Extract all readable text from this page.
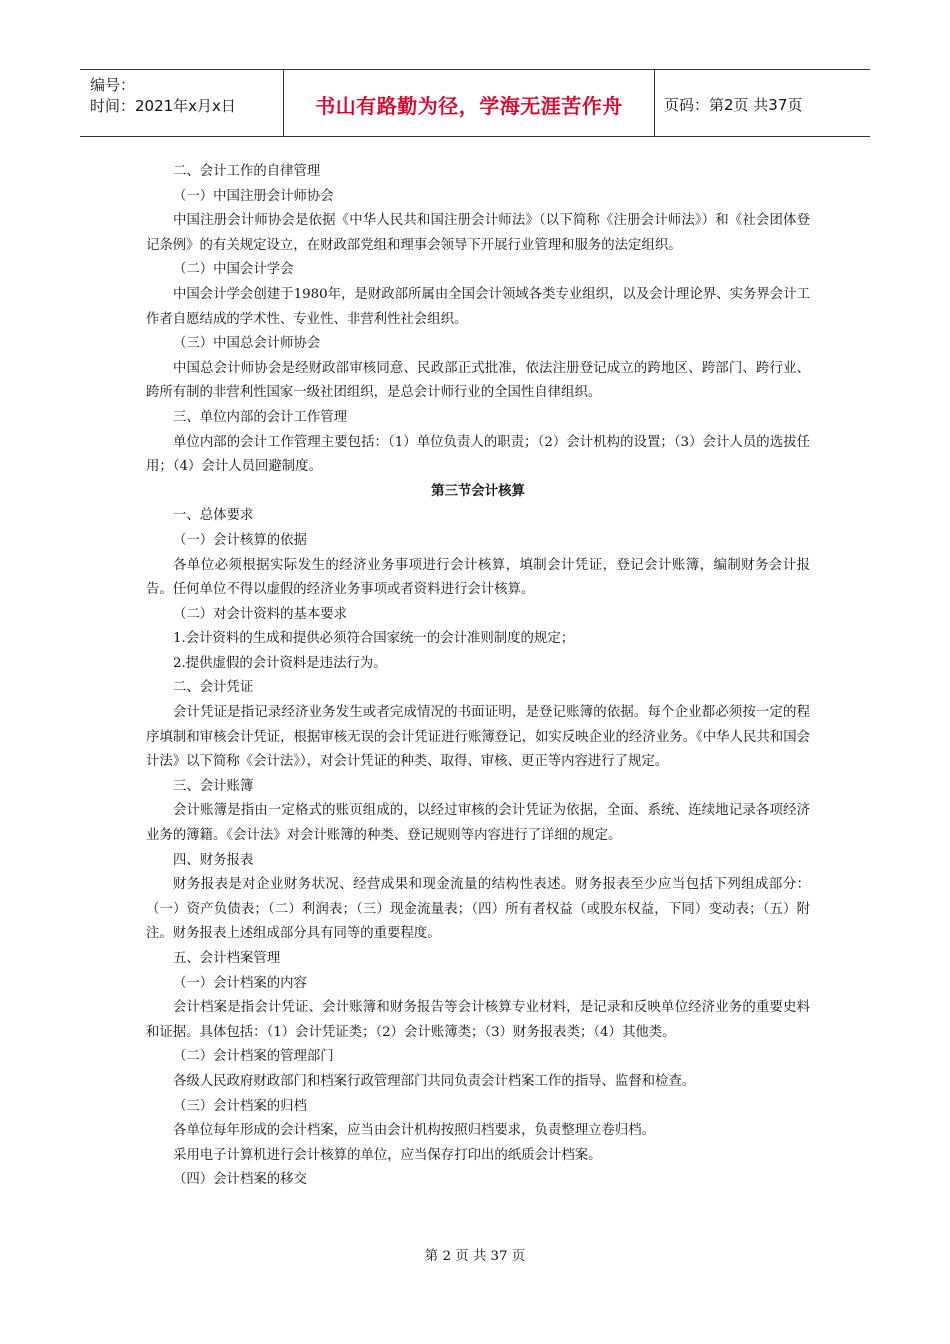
编号：
时间：2021年x月x日	书山有路勤为径，学海无涯苦作舟	页码：第2页 共37页

二、会计工作的自律管理

（一）中国注册会计师协会

中国注册会计师协会是依据《中华人民共和国注册会计师法》（以下简称《注册会计师法》）和《社会团体登记条例》的有关规定设立，在财政部党组和理事会领导下开展行业管理和服务的法定组织。

（二）中国会计学会

中国会计学会创建于1980年，是财政部所属由全国会计领域各类专业组织，以及会计理论界、实务界会计工作者自愿结成的学术性、专业性、非营利性社会组织。

（三）中国总会计师协会

中国总会计师协会是经财政部审核同意、民政部正式批准，依法注册登记成立的跨地区、跨部门、跨行业、跨所有制的非营利性国家一级社团组织，是总会计师行业的全国性自律组织。

三、单位内部的会计工作管理

单位内部的会计工作管理主要包括：（1）单位负责人的职责；（2）会计机构的设置；（3）会计人员的选拔任用；（4）会计人员回避制度。

第三节会计核算

一、总体要求

（一）会计核算的依据

各单位必须根据实际发生的经济业务事项进行会计核算，填制会计凭证，登记会计账簿，编制财务会计报告。任何单位不得以虚假的经济业务事项或者资料进行会计核算。

（二）对会计资料的基本要求

1.会计资料的生成和提供必须符合国家统一的会计准则制度的规定；

2.提供虚假的会计资料是违法行为。

二、会计凭证

会计凭证是指记录经济业务发生或者完成情况的书面证明，是登记账簿的依据。每个企业都必须按一定的程序填制和审核会计凭证，根据审核无误的会计凭证进行账簿登记，如实反映企业的经济业务。《中华人民共和国会计法》以下简称《会计法》），对会计凭证的种类、取得、审核、更正等内容进行了规定。

三、会计账簿

会计账簿是指由一定格式的账页组成的，以经过审核的会计凭证为依据，全面、系统、连续地记录各项经济业务的簿籍。《会计法》对会计账簿的种类、登记规则等内容进行了详细的规定。

四、财务报表

财务报表是对企业财务状况、经营成果和现金流量的结构性表述。财务报表至少应当包括下列组成部分：（一）资产负债表；（二）利润表；（三）现金流量表；（四）所有者权益（或股东权益，下同）变动表；（五）附注。财务报表上述组成部分具有同等的重要程度。

五、会计档案管理

（一）会计档案的内容

会计档案是指会计凭证、会计账簿和财务报告等会计核算专业材料，是记录和反映单位经济业务的重要史料和证据。具体包括：（1）会计凭证类；（2）会计账簿类；（3）财务报表类；（4）其他类。

（二）会计档案的管理部门

各级人民政府财政部门和档案行政管理部门共同负责会计档案工作的指导、监督和检查。

（三）会计档案的归档

各单位每年形成的会计档案，应当由会计机构按照归档要求，负责整理立卷归档。

采用电子计算机进行会计核算的单位，应当保存打印出的纸质会计档案。

（四）会计档案的移交

第 2 页 共 37 页
